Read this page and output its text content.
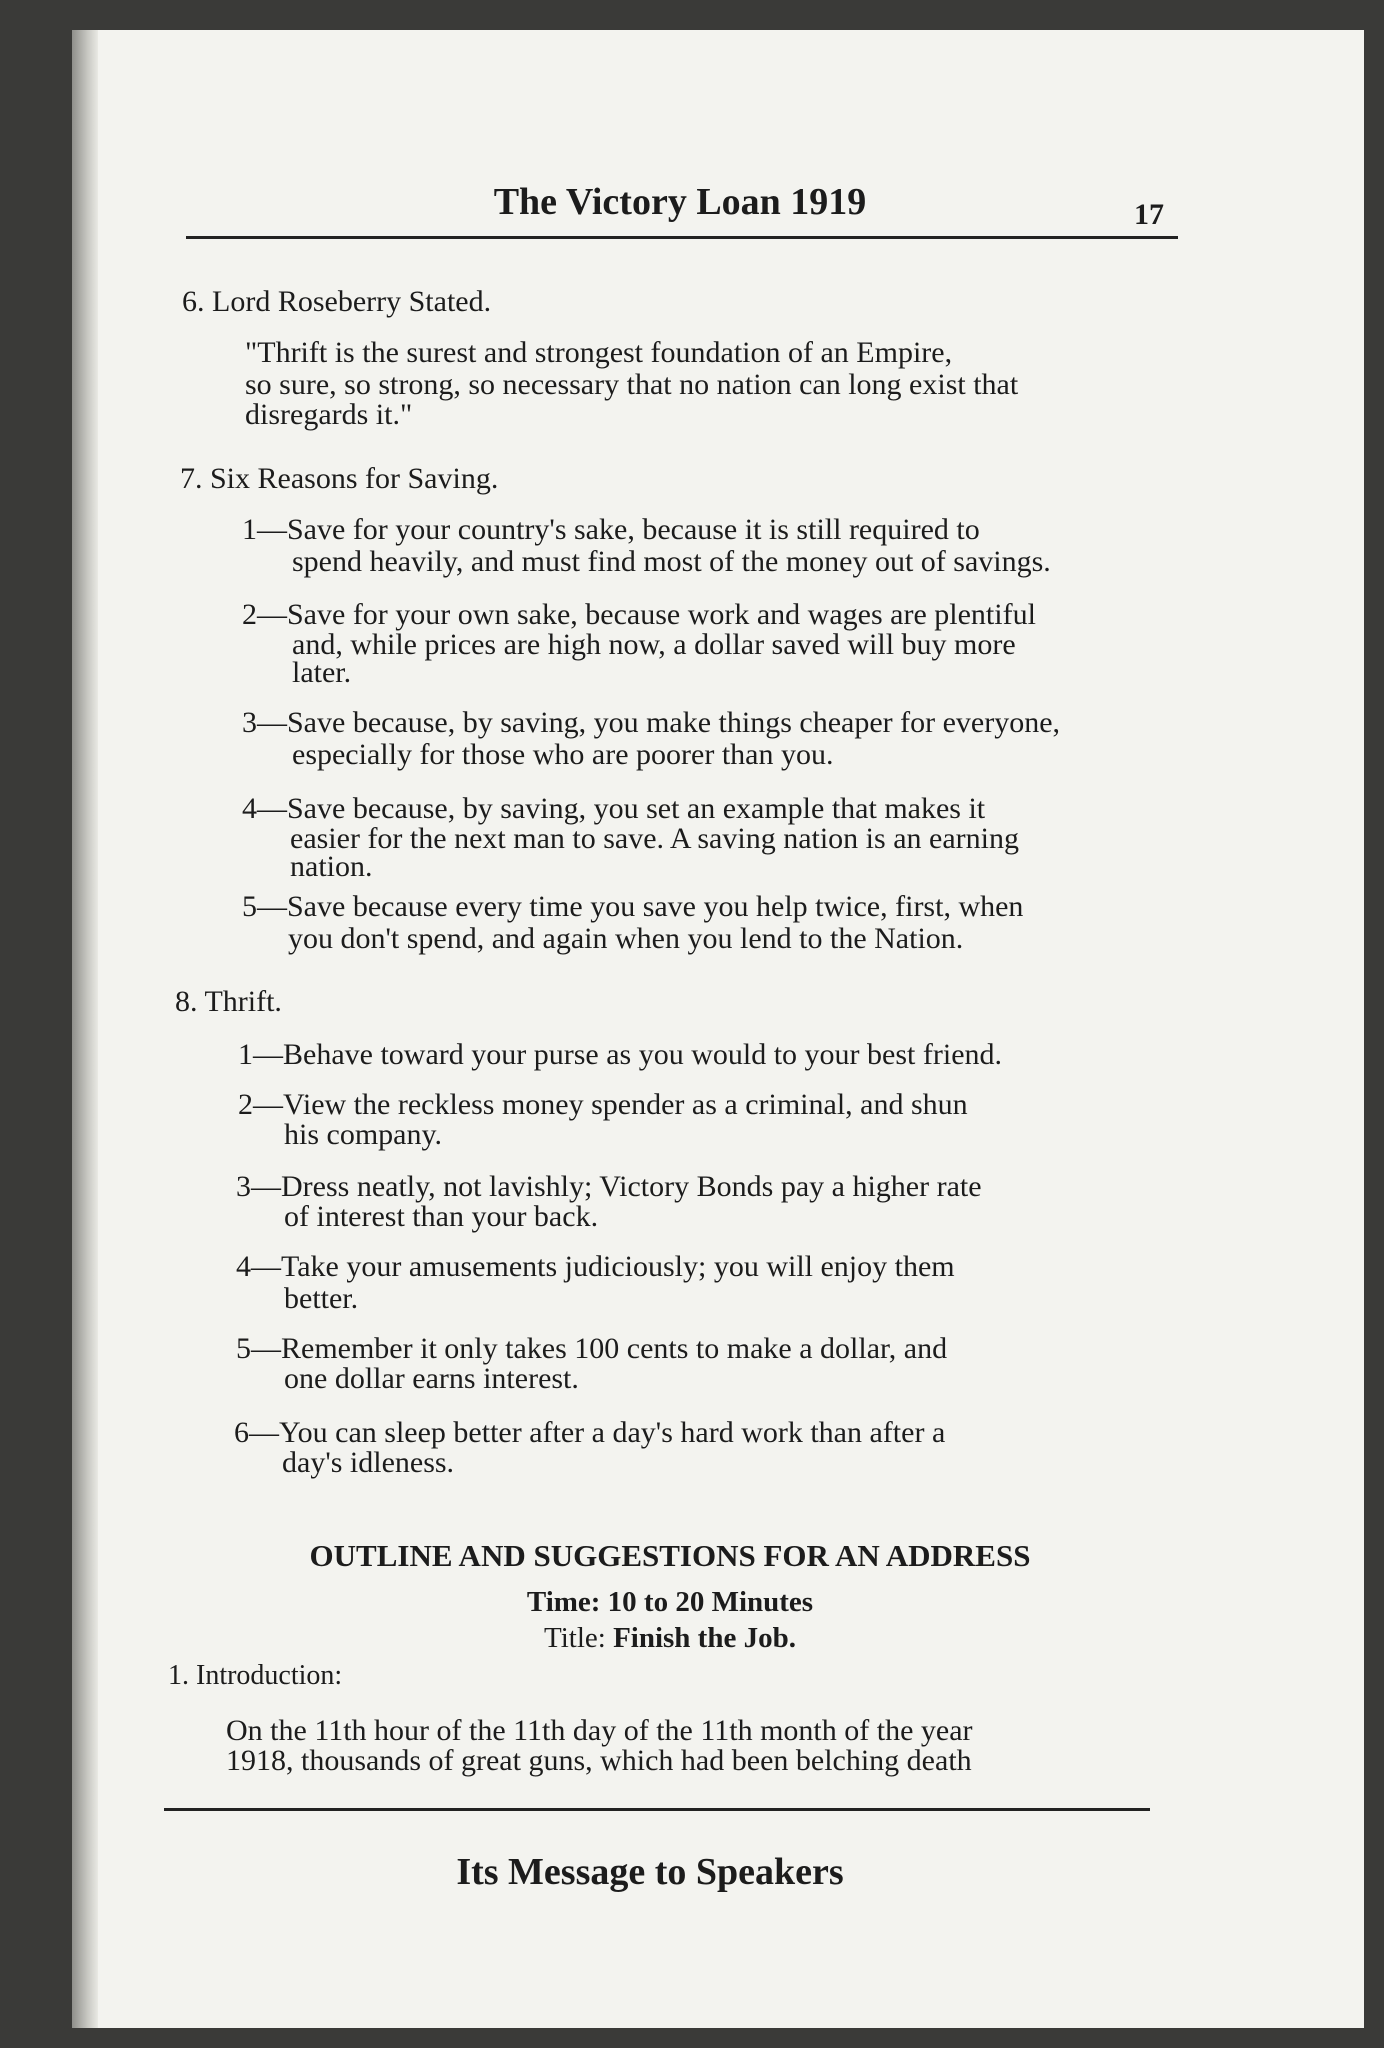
The Victory Loan 1919	17
6. Lord Roseberry Stated.
"Thrift is the surest and strongest foundation of an Empire,
so sure, so strong, so necessary that no nation can long exist that
disregards it."
7. Six Reasons for Saving.
1—Save for your country's sake, because it is still required to
spend heavily, and must find most of the money out of savings.
2—Save for your own sake, because work and wages are plentiful
and, while prices are high now, a dollar saved will buy more
later.
3—Save because, by saving, you make things cheaper for everyone,
especially for those who are poorer than you.
4—Save because, by saving, you set an example that makes it
easier for the next man to save. A saving nation is an earning
nation.
5—Save because every time you save you help twice, first, when
you don't spend, and again when you lend to the Nation.
8. Thrift.
1—Behave toward your purse as you would to your best friend.
2—View the reckless money spender as a criminal, and shun
his company.
3—Dress neatly, not lavishly; Victory Bonds pay a higher rate
of interest than your back.
4—Take your amusements judiciously; you will enjoy them
better.
5—Remember it only takes 100 cents to make a dollar, and
one dollar earns interest.
6—You can sleep better after a day's hard work than after a
day's idleness.
OUTLINE AND SUGGESTIONS FOR AN ADDRESS
Time: 10 to 20 Minutes
Title: Finish the Job.
1. Introduction:
On the 11th hour of the 11th day of the 11th month of the year
1918, thousands of great guns, which had been belching death
Its Message to Speakers
